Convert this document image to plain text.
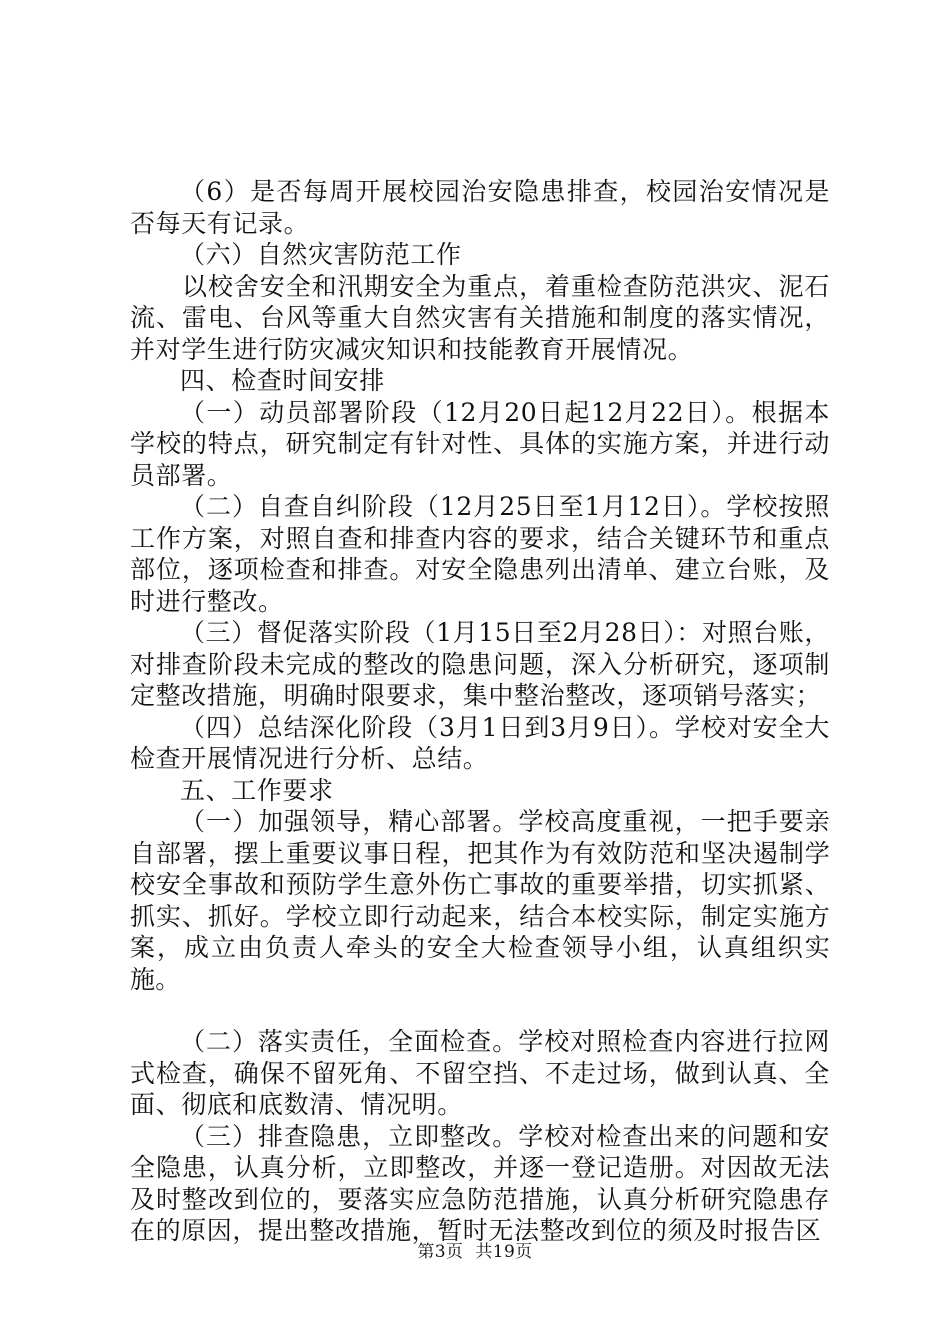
（6）是否每周开展校园治安隐患排查，校园治安情况是否每天有记录。

（六）自然灾害防范工作

以校舍安全和汛期安全为重点，着重检查防范洪灾、泥石流、雷电、台风等重大自然灾害有关措施和制度的落实情况，并对学生进行防灾减灾知识和技能教育开展情况。

四、检查时间安排

（一）动员部署阶段（12月20日起12月22日）。根据本学校的特点，研究制定有针对性、具体的实施方案，并进行动员部署。

（二）自查自纠阶段（12月25日至1月12日）。学校按照工作方案，对照自查和排查内容的要求，结合关键环节和重点部位，逐项检查和排查。对安全隐患列出清单、建立台账，及时进行整改。

（三）督促落实阶段（1月15日至2月28日）：对照台账，对排查阶段未完成的整改的隐患问题，深入分析研究，逐项制定整改措施，明确时限要求，集中整治整改，逐项销号落实；

（四）总结深化阶段（3月1日到3月9日）。学校对安全大检查开展情况进行分析、总结。

五、工作要求

（一）加强领导，精心部署。学校高度重视，一把手要亲自部署，摆上重要议事日程，把其作为有效防范和坚决遏制学校安全事故和预防学生意外伤亡事故的重要举措，切实抓紧、抓实、抓好。学校立即行动起来，结合本校实际，制定实施方案，成立由负责人牵头的安全大检查领导小组，认真组织实施。

（二）落实责任，全面检查。学校对照检查内容进行拉网式检查，确保不留死角、不留空挡、不走过场，做到认真、全面、彻底和底数清、情况明。

（三）排查隐患，立即整改。学校对检查出来的问题和安全隐患，认真分析，立即整改，并逐一登记造册。对因故无法及时整改到位的，要落实应急防范措施，认真分析研究隐患存在的原因，提出整改措施，暂时无法整改到位的须及时报告区

第3页 共19页
